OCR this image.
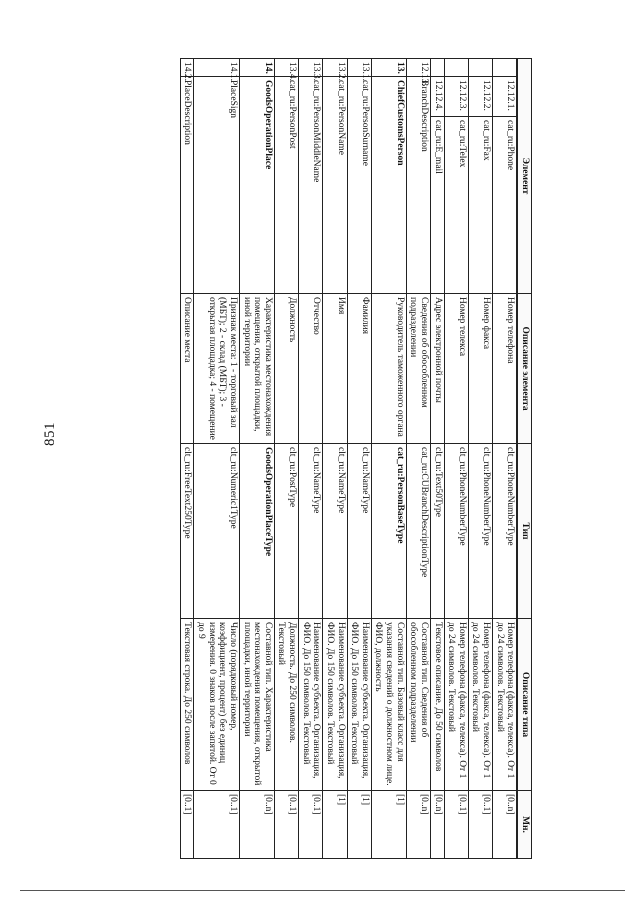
851
Элемент			Описание элемента	Тип	Описание типа	Мн.
	12.12.1.	cat_ru:Phone	Номер телефона	clt_ru:PhoneNumberType	Номер телефона (факса, телекса). От 1 до 24 символов. Текстовый	[0..n]
	12.12.2.	cat_ru:Fax	Номер факса	clt_ru:PhoneNumberType	Номер телефона (факса, телекса). От 1 до 24 символов. Текстовый	[0..1]
	12.12.3.	cat_ru:Telex	Номер телекса	clt_ru:PhoneNumberType	Номер телефона (факса, телекса). От 1 до 24 символов. Текстовый	[0..1]
	12.12.4.	cat_ru:E_mail	Адрес электронной почты	clt_ru:Text50Type	Текстовое описание. До 50 символов	[0..n]
12.13.	BranchDescription		Сведения об обособленном подразделении	cat_ru:CUBranchDescriptionType	Составной тип. Сведения об обособленном подразделении	[0..n]
13.	ChiefCustomsPerson		Руководитель таможенного органа	cat_ru:PersonBaseType	Составной тип. Базовый класс для указания сведений о должностном лице. ФИО, должность	[1]
13.1.	cat_ru:PersonSurname		Фамилия	clt_ru:NameType	Наименование субъекта. Организация, ФИО. До 150 символов. Текстовый	[1]
13.2.	cat_ru:PersonName		Имя	clt_ru:NameType	Наименование субъекта. Организация, ФИО. До 150 символов. Текстовый	[1]
13.3.	cat_ru:PersonMiddleName		Отчество	clt_ru:NameType	Наименование субъекта. Организация, ФИО. До 150 символов. Текстовый	[0..1]
13.4.	cat_ru:PersonPost		Должность	clt_ru:PostType	Должность. До 250 символов. Текстовый	[0..1]
14.	GoodsOperationPlace		Характеристика местонахождения помещения, открытой площадки, иной территории	GoodsOperationPlaceType	Составной тип. Характеристика местонахождения помещения, открытой площадки, иной территории	[0..n]
14.1.	PlaceSign		Признак места: 1 - торговый зал (МБТ); 2 - склад (МБТ); 3 - открытая площадка; 4 - помещение	clt_ru:Numeric1Type	Число (порядковый номер, коэффициент, процент) без единиц измерения. 0 знаков после запятой. От 0 до 9	[0..1]
14.2.	PlaceDescription		Описание места	clt_ru:FreeText250Type	Текстовая строка. До 250 символов	[0..1]
